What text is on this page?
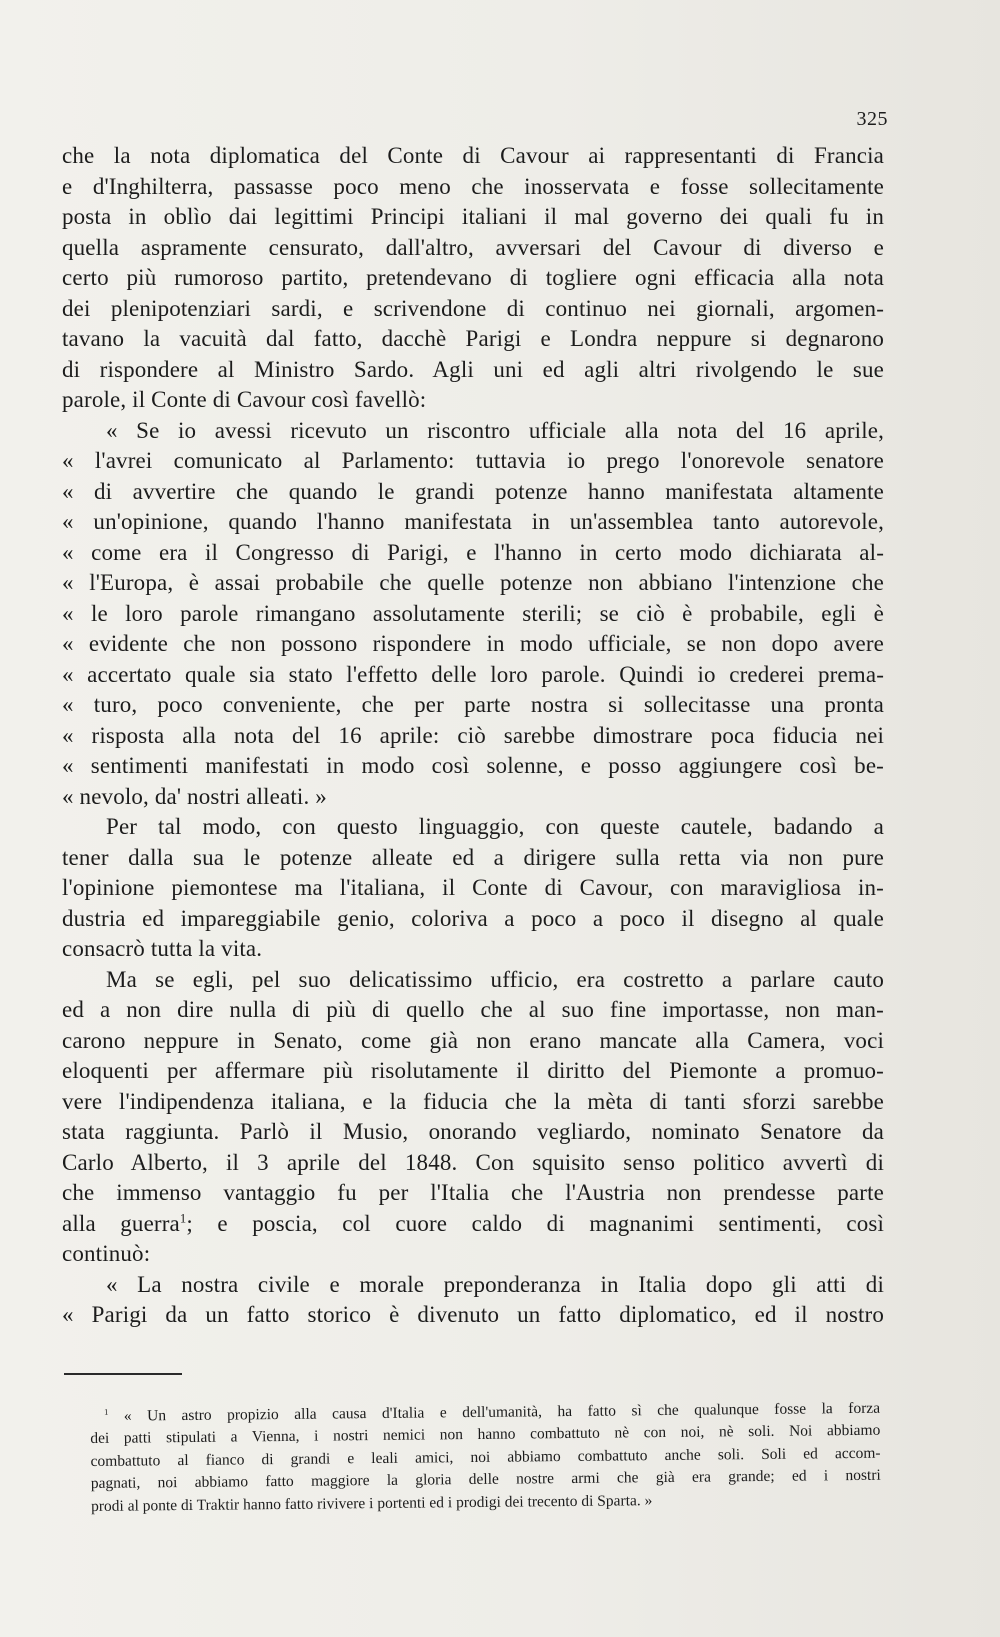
325
che la nota diplomatica del Conte di Cavour ai rappresentanti di Francia
e d'Inghilterra, passasse poco meno che inosservata e fosse sollecitamente
posta in oblìo dai legittimi Principi italiani il mal governo dei quali fu in
quella aspramente censurato, dall'altro, avversari del Cavour di diverso e
certo più rumoroso partito, pretendevano di togliere ogni efficacia alla nota
dei plenipotenziari sardi, e scrivendone di continuo nei giornali, argomen-
tavano la vacuità dal fatto, dacchè Parigi e Londra neppure si degnarono
di rispondere al Ministro Sardo. Agli uni ed agli altri rivolgendo le sue
parole, il Conte di Cavour così favellò:
« Se io avessi ricevuto un riscontro ufficiale alla nota del 16 aprile,
« l'avrei comunicato al Parlamento: tuttavia io prego l'onorevole senatore
« di avvertire che quando le grandi potenze hanno manifestata altamente
« un'opinione, quando l'hanno manifestata in un'assemblea tanto autorevole,
« come era il Congresso di Parigi, e l'hanno in certo modo dichiarata al-
« l'Europa, è assai probabile che quelle potenze non abbiano l'intenzione che
« le loro parole rimangano assolutamente sterili; se ciò è probabile, egli è
« evidente che non possono rispondere in modo ufficiale, se non dopo avere
« accertato quale sia stato l'effetto delle loro parole. Quindi io crederei prema-
« turo, poco conveniente, che per parte nostra si sollecitasse una pronta
« risposta alla nota del 16 aprile: ciò sarebbe dimostrare poca fiducia nei
« sentimenti manifestati in modo così solenne, e posso aggiungere così be-
« nevolo, da' nostri alleati. »
Per tal modo, con questo linguaggio, con queste cautele, badando a
tener dalla sua le potenze alleate ed a dirigere sulla retta via non pure
l'opinione piemontese ma l'italiana, il Conte di Cavour, con maravigliosa in-
dustria ed impareggiabile genio, coloriva a poco a poco il disegno al quale
consacrò tutta la vita.
Ma se egli, pel suo delicatissimo ufficio, era costretto a parlare cauto
ed a non dire nulla di più di quello che al suo fine importasse, non man-
carono neppure in Senato, come già non erano mancate alla Camera, voci
eloquenti per affermare più risolutamente il diritto del Piemonte a promuo-
vere l'indipendenza italiana, e la fiducia che la mèta di tanti sforzi sarebbe
stata raggiunta. Parlò il Musio, onorando vegliardo, nominato Senatore da
Carlo Alberto, il 3 aprile del 1848. Con squisito senso politico avvertì di
che immenso vantaggio fu per l'Italia che l'Austria non prendesse parte
alla guerra$^1$; e poscia, col cuore caldo di magnanimi sentimenti, così
continuò:
« La nostra civile e morale preponderanza in Italia dopo gli atti di
« Parigi da un fatto storico è divenuto un fatto diplomatico, ed il nostro
$^1$ « Un astro propizio alla causa d'Italia e dell'umanità, ha fatto sì che qualunque fosse la forza
dei patti stipulati a Vienna, i nostri nemici non hanno combattuto nè con noi, nè soli. Noi abbiamo
combattuto al fianco di grandi e leali amici, noi abbiamo combattuto anche soli. Soli ed accom-
pagnati, noi abbiamo fatto maggiore la gloria delle nostre armi che già era grande; ed i nostri
prodi al ponte di Traktir hanno fatto rivivere i portenti ed i prodigi dei trecento di Sparta. »
